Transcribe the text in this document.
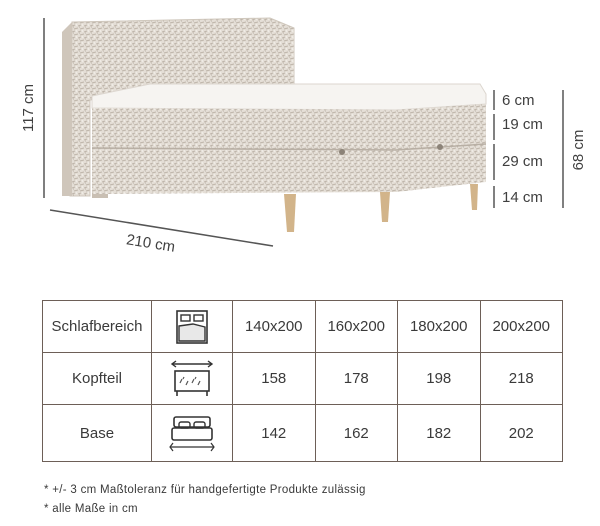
117 cm
210 cm
6 cm
19 cm
29 cm
14 cm
68 cm
Schlafbereich		140x200	160x200	180x200	200x200
Kopfteil		158	178	198	218
Base		142	162	182	202
* +/- 3 cm Maßtoleranz für handgefertigte Produkte zulässig
* alle Maße in cm
